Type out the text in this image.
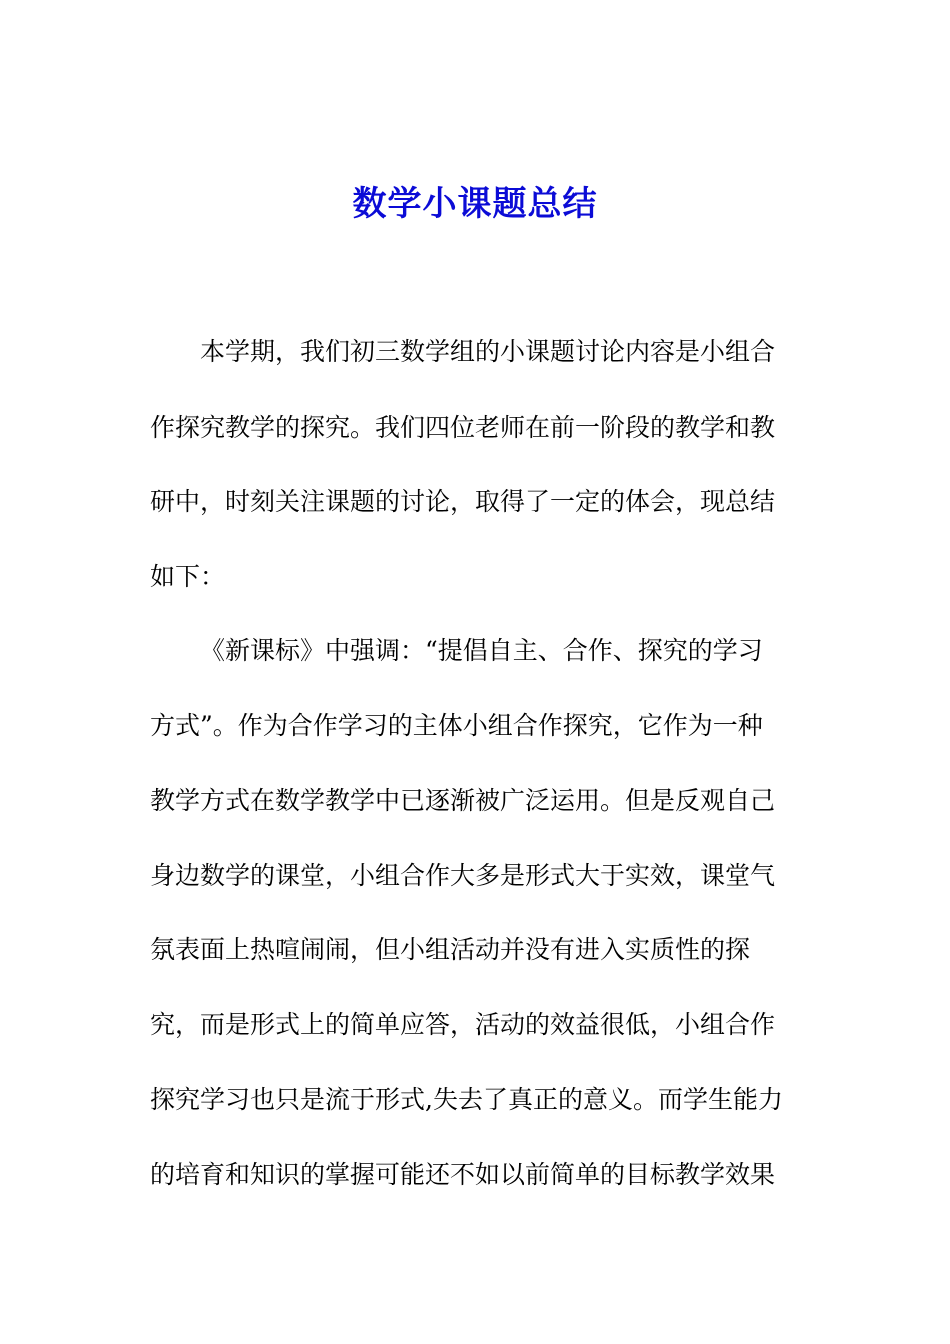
数学小课题总结

本学期，我们初三数学组的小课题讨论内容是小组合

作探究教学的探究。我们四位老师在前一阶段的教学和教

研中，时刻关注课题的讨论，取得了一定的体会，现总结

如下：

《新课标》中强调：“提倡自主、合作、探究的学习

方式”。作为合作学习的主体小组合作探究，它作为一种

教学方式在数学教学中已逐渐被广泛运用。但是反观自己

身边数学的课堂，小组合作大多是形式大于实效，课堂气

氛表面上热喧闹闹，但小组活动并没有进入实质性的探

究，而是形式上的简单应答，活动的效益很低，小组合作

探究学习也只是流于形式,失去了真正的意义。而学生能力

的培育和知识的掌握可能还不如以前简单的目标教学效果
